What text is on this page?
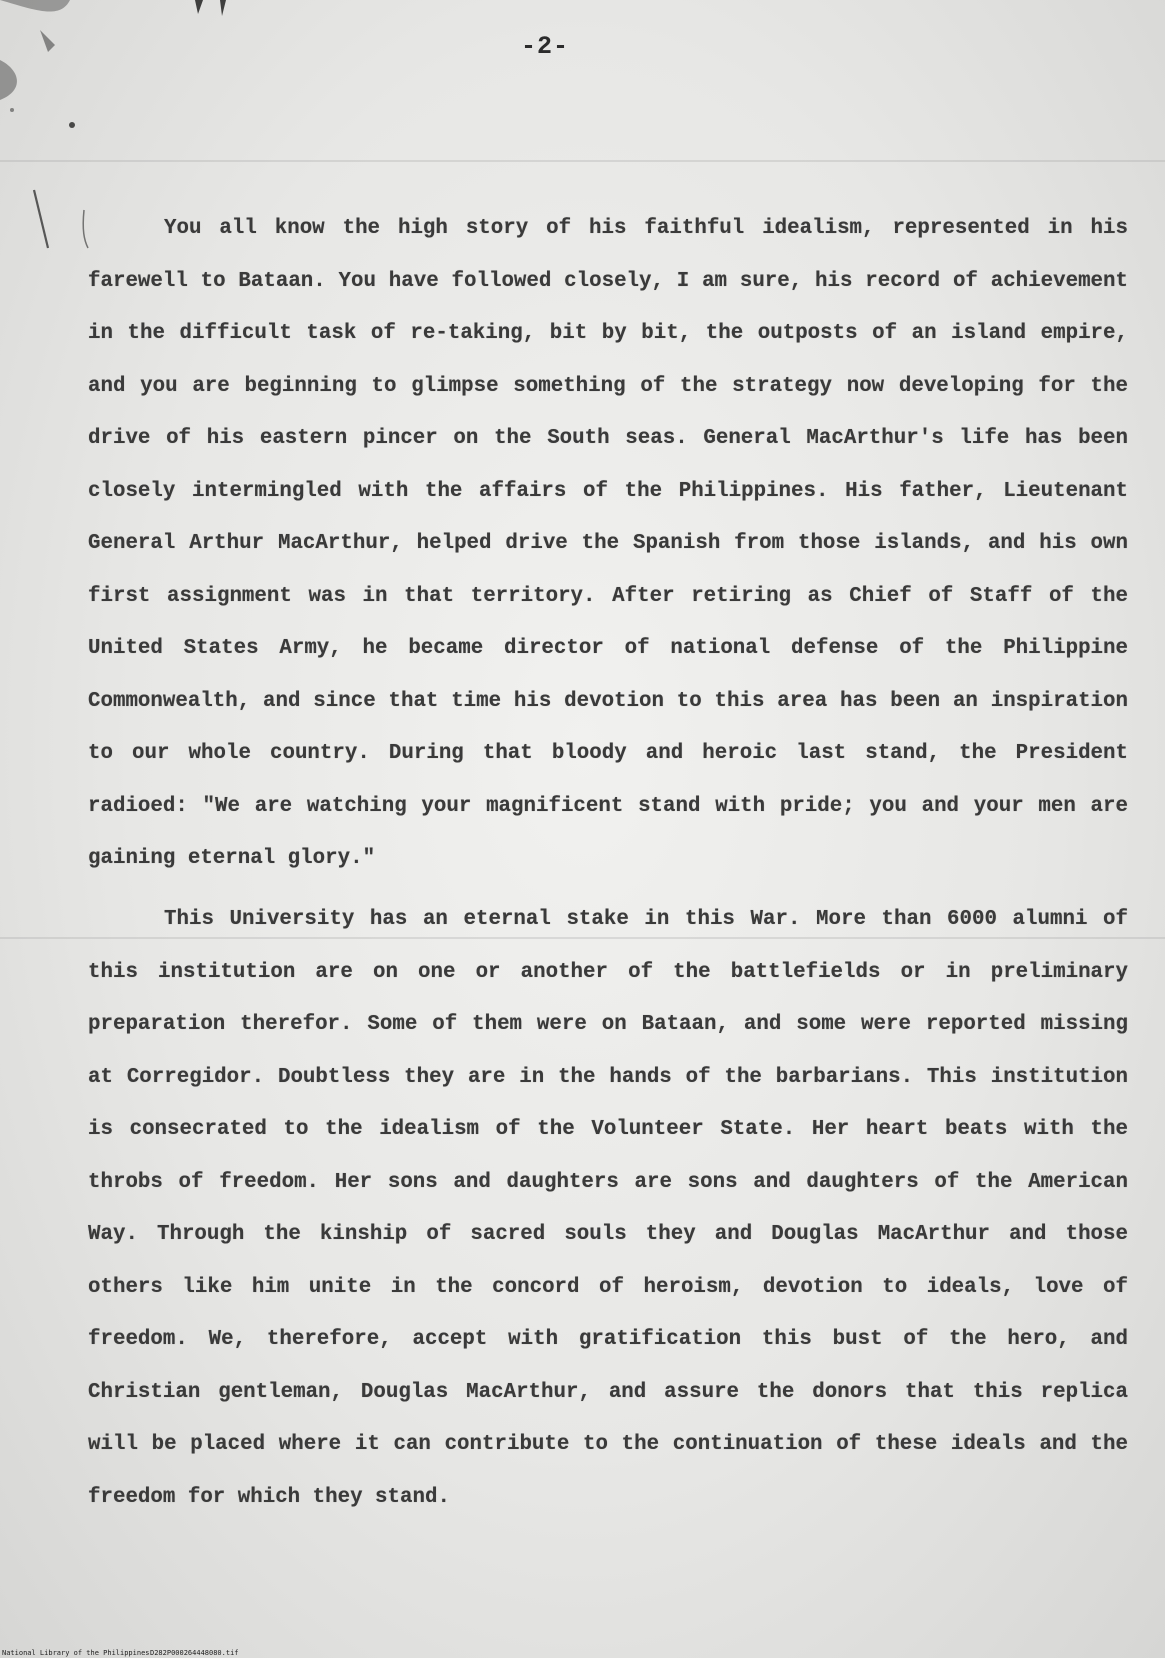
-2-

You all know the high story of his faithful idealism, represented in his farewell to Bataan. You have followed closely, I am sure, his record of achievement in the difficult task of re-taking, bit by bit, the outposts of an island empire, and you are beginning to glimpse something of the strategy now developing for the drive of his eastern pincer on the South seas. General MacArthur's life has been closely intermingled with the affairs of the Philippines. His father, Lieutenant General Arthur MacArthur, helped drive the Spanish from those islands, and his own first assignment was in that territory. After retiring as Chief of Staff of the United States Army, he became director of national defense of the Philippine Commonwealth, and since that time his devotion to this area has been an inspiration to our whole country. During that bloody and heroic last stand, the President radioed: "We are watching your magnificent stand with pride; you and your men are gaining eternal glory."

This University has an eternal stake in this War. More than 6000 alumni of this institution are on one or another of the battlefields or in preliminary preparation therefor. Some of them were on Bataan, and some were reported missing at Corregidor. Doubtless they are in the hands of the barbarians. This institution is consecrated to the idealism of the Volunteer State. Her heart beats with the throbs of freedom. Her sons and daughters are sons and daughters of the American Way. Through the kinship of sacred souls they and Douglas MacArthur and those others like him unite in the concord of heroism, devotion to ideals, love of freedom. We, therefore, accept with gratification this bust of the hero, and Christian gentleman, Douglas MacArthur, and assure the donors that this replica will be placed where it can contribute to the continuation of these ideals and the freedom for which they stand.

National Library of the Philippines D282P000264448080.tif
